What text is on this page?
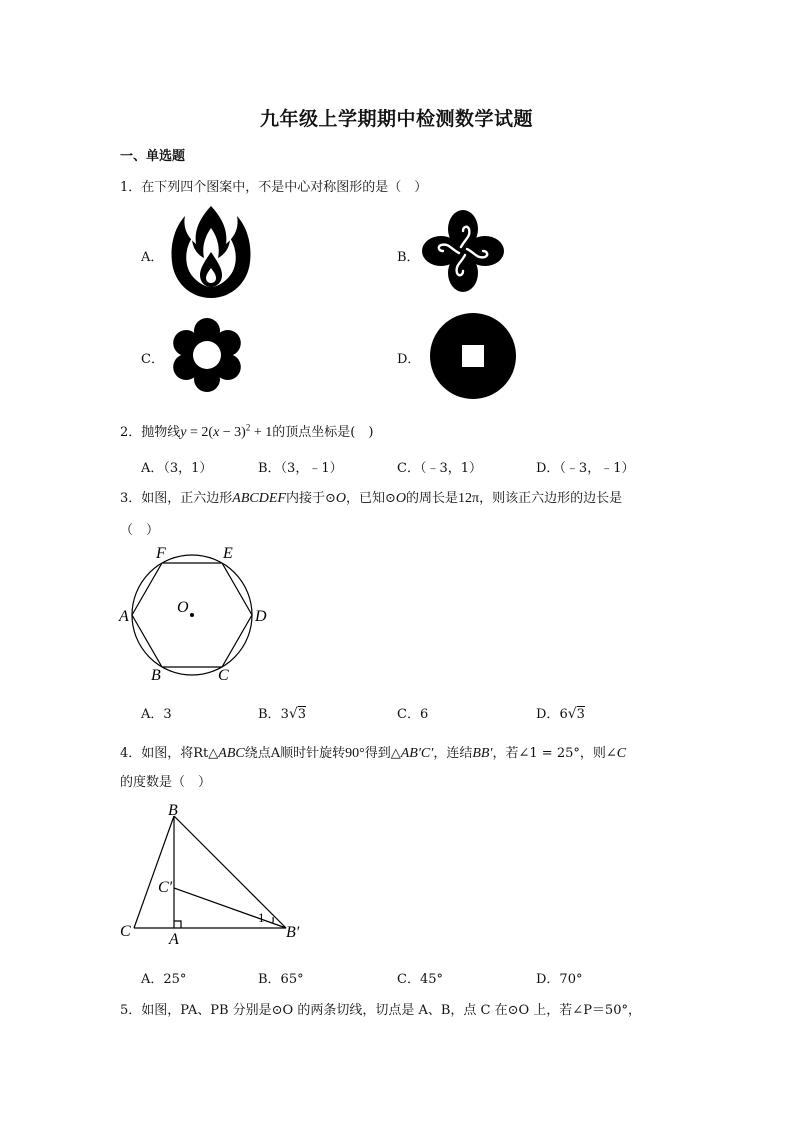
九年级上学期期中检测数学试题
一、单选题
1．在下列四个图案中，不是中心对称图形的是（　）
A．	B．
C．	D．
2．抛物线$y = 2(x - 3)^2 + 1$的顶点坐标是(　)
A．（3，1）	B．（3，﹣1）	C．（﹣3，1）	D．（﹣3，﹣1）
3．如图，正六边形ABCDEF内接于⊙O，已知⊙O的周长是12π，则该正六边形的边长是
（　）
F	E
A	D
O
B	C
A．3	B．3√3	C．6	D．6√3
4．如图，将Rt△ABC绕点A顺时针旋转90°得到△AB′C′，连结BB′，若∠1 = 25°，则∠C
的度数是（　）
B
C′
1
C A	B′
A．25°	B．65°	C．45°	D．70°
5．如图，PA、PB 分别是⊙O 的两条切线，切点是 A、B，点 C 在⊙O 上，若∠P＝50°，
